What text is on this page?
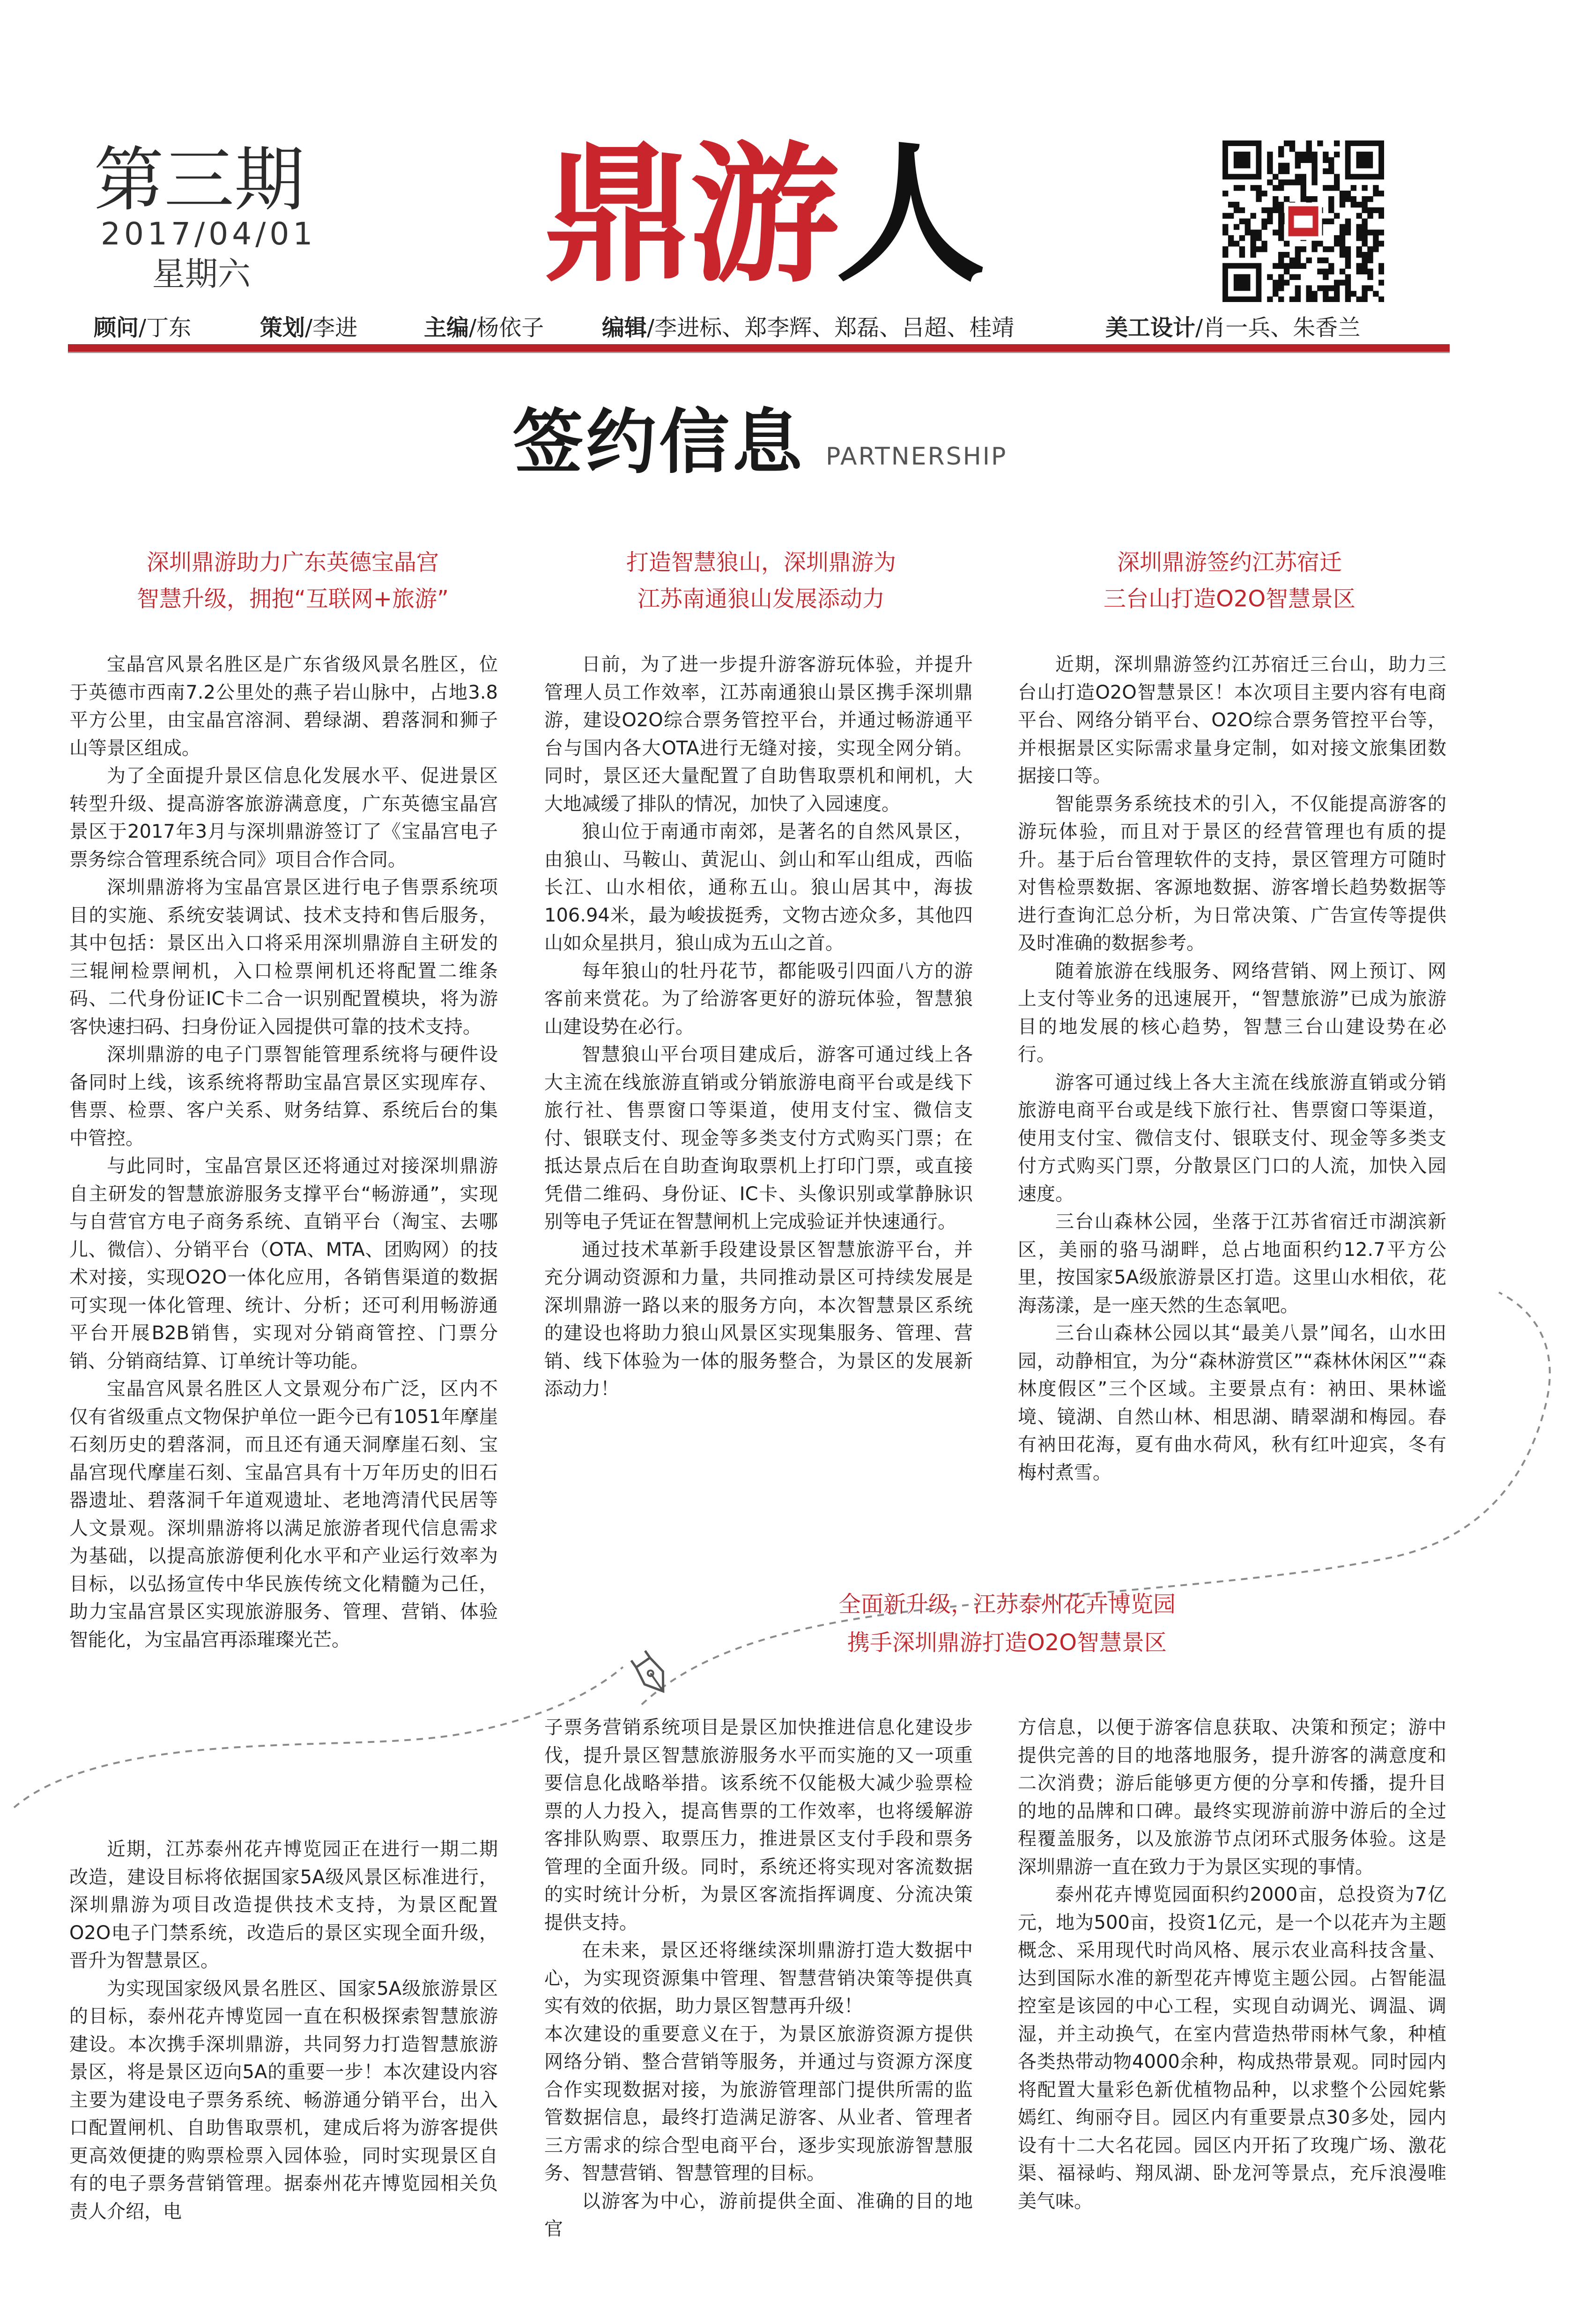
第三期
2017/04/01
星期六 鼎游人
顾问/丁东	策划/李进	主编/杨依子	编辑/李进标、郑李辉、郑磊、吕超、桂靖	美工设计/肖一兵、朱香兰
签约信息 PARTNERSHIP
深圳鼎游助力广东英德宝晶宫
智慧升级，拥抱“互联网+旅游”

宝晶宫风景名胜区是广东省级风景名胜区，位于英德市西南7.2公里处的燕子岩山脉中，占地3.8平方公里，由宝晶宫溶洞、碧绿湖、碧落洞和狮子山等景区组成。

为了全面提升景区信息化发展水平、促进景区转型升级、提高游客旅游满意度，广东英德宝晶宫景区于2017年3月与深圳鼎游签订了《宝晶宫电子票务综合管理系统合同》项目合作合同。

深圳鼎游将为宝晶宫景区进行电子售票系统项目的实施、系统安装调试、技术支持和售后服务，其中包括：景区出入口将采用深圳鼎游自主研发的三辊闸检票闸机，入口检票闸机还将配置二维条码、二代身份证IC卡二合一识别配置模块，将为游客快速扫码、扫身份证入园提供可靠的技术支持。

深圳鼎游的电子门票智能管理系统将与硬件设备同时上线，该系统将帮助宝晶宫景区实现库存、售票、检票、客户关系、财务结算、系统后台的集中管控。

与此同时，宝晶宫景区还将通过对接深圳鼎游自主研发的智慧旅游服务支撑平台“畅游通”，实现与自营官方电子商务系统、直销平台（淘宝、去哪儿、微信）、分销平台（OTA、MTA、团购网）的技术对接，实现O2O一体化应用，各销售渠道的数据可实现一体化管理、统计、分析；还可利用畅游通平台开展B2B销售，实现对分销商管控、门票分销、分销商结算、订单统计等功能。

宝晶宫风景名胜区人文景观分布广泛，区内不仅有省级重点文物保护单位一距今已有1051年摩崖石刻历史的碧落洞，而且还有通天洞摩崖石刻、宝晶宫现代摩崖石刻、宝晶宫具有十万年历史的旧石器遗址、碧落洞千年道观遗址、老地湾清代民居等人文景观。深圳鼎游将以满足旅游者现代信息需求为基础，以提高旅游便利化水平和产业运行效率为目标，以弘扬宣传中华民族传统文化精髓为己任，助力宝晶宫景区实现旅游服务、管理、营销、体验智能化，为宝晶宫再添璀璨光芒。

打造智慧狼山，深圳鼎游为
江苏南通狼山发展添动力

日前，为了进一步提升游客游玩体验，并提升管理人员工作效率，江苏南通狼山景区携手深圳鼎游，建设O2O综合票务管控平台，并通过畅游通平台与国内各大OTA进行无缝对接，实现全网分销。同时，景区还大量配置了自助售取票机和闸机，大大地减缓了排队的情况，加快了入园速度。

狼山位于南通市南郊，是著名的自然风景区，由狼山、马鞍山、黄泥山、剑山和军山组成，西临长江、山水相依，通称五山。狼山居其中，海拔106.94米，最为峻拔挺秀，文物古迹众多，其他四山如众星拱月，狼山成为五山之首。

每年狼山的牡丹花节，都能吸引四面八方的游客前来赏花。为了给游客更好的游玩体验，智慧狼山建设势在必行。

智慧狼山平台项目建成后，游客可通过线上各大主流在线旅游直销或分销旅游电商平台或是线下旅行社、售票窗口等渠道，使用支付宝、微信支付、银联支付、现金等多类支付方式购买门票；在抵达景点后在自助查询取票机上打印门票，或直接凭借二维码、身份证、IC卡、头像识别或掌静脉识别等电子凭证在智慧闸机上完成验证并快速通行。

通过技术革新手段建设景区智慧旅游平台，并充分调动资源和力量，共同推动景区可持续发展是深圳鼎游一路以来的服务方向，本次智慧景区系统的建设也将助力狼山风景区实现集服务、管理、营销、线下体验为一体的服务整合，为景区的发展新添动力！

深圳鼎游签约江苏宿迁
三台山打造O2O智慧景区

近期，深圳鼎游签约江苏宿迁三台山，助力三台山打造O2O智慧景区！本次项目主要内容有电商平台、网络分销平台、O2O综合票务管控平台等，并根据景区实际需求量身定制，如对接文旅集团数据接口等。

智能票务系统技术的引入，不仅能提高游客的游玩体验，而且对于景区的经营管理也有质的提升。基于后台管理软件的支持，景区管理方可随时对售检票数据、客源地数据、游客增长趋势数据等进行查询汇总分析，为日常决策、广告宣传等提供及时准确的数据参考。

随着旅游在线服务、网络营销、网上预订、网上支付等业务的迅速展开，“智慧旅游”已成为旅游目的地发展的核心趋势，智慧三台山建设势在必行。

游客可通过线上各大主流在线旅游直销或分销旅游电商平台或是线下旅行社、售票窗口等渠道，使用支付宝、微信支付、银联支付、现金等多类支付方式购买门票，分散景区门口的人流，加快入园速度。

三台山森林公园，坐落于江苏省宿迁市湖滨新区，美丽的骆马湖畔，总占地面积约12.7平方公里，按国家5A级旅游景区打造。这里山水相依，花海荡漾，是一座天然的生态氧吧。

三台山森林公园以其“最美八景”闻名，山水田园，动静相宜，为分“森林游赏区”“森林休闲区”“森林度假区”三个区域。主要景点有：衲田、果林谧境、镜湖、自然山林、相思湖、睛翠湖和梅园。春有衲田花海，夏有曲水荷风，秋有红叶迎宾，冬有梅村煮雪。

全面新升级，江苏泰州花卉博览园
携手深圳鼎游打造O2O智慧景区

近期，江苏泰州花卉博览园正在进行一期二期改造，建设目标将依据国家5A级风景区标准进行，深圳鼎游为项目改造提供技术支持，为景区配置O2O电子门禁系统，改造后的景区实现全面升级，晋升为智慧景区。

为实现国家级风景名胜区、国家5A级旅游景区的目标，泰州花卉博览园一直在积极探索智慧旅游建设。本次携手深圳鼎游，共同努力打造智慧旅游景区，将是景区迈向5A的重要一步！本次建设内容主要为建设电子票务系统、畅游通分销平台，出入口配置闸机、自助售取票机，建成后将为游客提供更高效便捷的购票检票入园体验，同时实现景区自有的电子票务营销管理。据泰州花卉博览园相关负责人介绍，电

子票务营销系统项目是景区加快推进信息化建设步伐，提升景区智慧旅游服务水平而实施的又一项重要信息化战略举措。该系统不仅能极大减少验票检票的人力投入，提高售票的工作效率，也将缓解游客排队购票、取票压力，推进景区支付手段和票务管理的全面升级。同时，系统还将实现对客流数据的实时统计分析，为景区客流指挥调度、分流决策提供支持。

在未来，景区还将继续深圳鼎游打造大数据中心，为实现资源集中管理、智慧营销决策等提供真实有效的依据，助力景区智慧再升级！

本次建设的重要意义在于，为景区旅游资源方提供网络分销、整合营销等服务，并通过与资源方深度合作实现数据对接，为旅游管理部门提供所需的监管数据信息，最终打造满足游客、从业者、管理者三方需求的综合型电商平台，逐步实现旅游智慧服务、智慧营销、智慧管理的目标。

以游客为中心，游前提供全面、准确的目的地官

方信息，以便于游客信息获取、决策和预定；游中提供完善的目的地落地服务，提升游客的满意度和二次消费；游后能够更方便的分享和传播，提升目的地的品牌和口碑。最终实现游前游中游后的全过程覆盖服务，以及旅游节点闭环式服务体验。这是深圳鼎游一直在致力于为景区实现的事情。

泰州花卉博览园面积约2000亩，总投资为7亿元，地为500亩，投资1亿元，是一个以花卉为主题概念、采用现代时尚风格、展示农业高科技含量、达到国际水准的新型花卉博览主题公园。占智能温控室是该园的中心工程，实现自动调光、调温、调湿，并主动换气，在室内营造热带雨林气象，种植各类热带动物4000余种，构成热带景观。同时园内将配置大量彩色新优植物品种，以求整个公园姹紫嫣红、绚丽夺目。园区内有重要景点30多处，园内设有十二大名花园。园区内开拓了玫瑰广场、激花渠、福禄屿、翔凤湖、卧龙河等景点，充斥浪漫唯美气味。
